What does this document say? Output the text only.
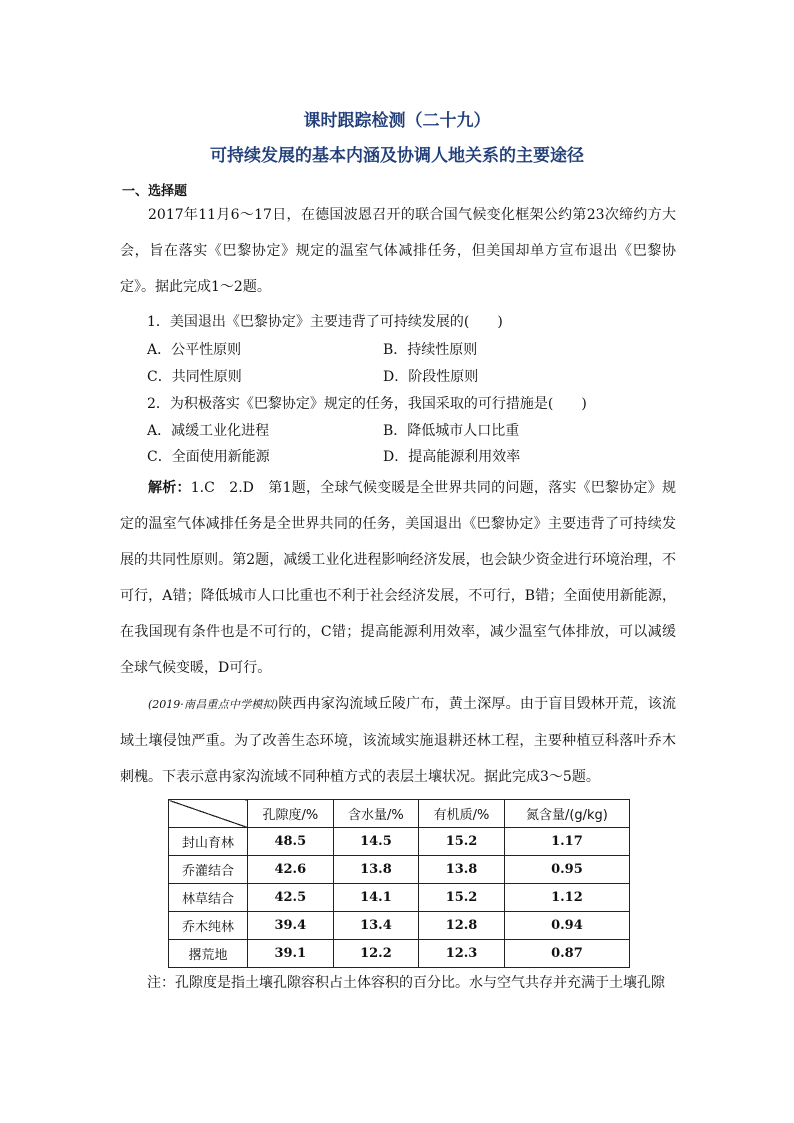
课时跟踪检测（二十九）
可持续发展的基本内涵及协调人地关系的主要途径
一、选择题
2017年11月6～17日，在德国波恩召开的联合国气候变化框架公约第23次缔约方大会，旨在落实《巴黎协定》规定的温室气体减排任务，但美国却单方宣布退出《巴黎协定》。据此完成1～2题。
1．美国退出《巴黎协定》主要违背了可持续发展的(　　)
A．公平性原则	B．持续性原则
C．共同性原则	D．阶段性原则
2．为积极落实《巴黎协定》规定的任务，我国采取的可行措施是(　　)
A．减缓工业化进程	B．降低城市人口比重
C．全面使用新能源	D．提高能源利用效率
解析：1.C　2.D　第1题，全球气候变暖是全世界共同的问题，落实《巴黎协定》规定的温室气体减排任务是全世界共同的任务，美国退出《巴黎协定》主要违背了可持续发展的共同性原则。第2题，减缓工业化进程影响经济发展，也会缺少资金进行环境治理，不可行，A错；降低城市人口比重也不利于社会经济发展，不可行，B错；全面使用新能源，在我国现有条件也是不可行的，C错；提高能源利用效率，减少温室气体排放，可以减缓全球气候变暖，D可行。
(2019·南昌重点中学模拟)陕西冉家沟流域丘陵广布，黄土深厚。由于盲目毁林开荒，该流域土壤侵蚀严重。为了改善生态环境，该流域实施退耕还林工程，主要种植豆科落叶乔木刺槐。下表示意冉家沟流域不同种植方式的表层土壤状况。据此完成3～5题。
	孔隙度/%	含水量/%	有机质/%	氮含量/(g/kg)
封山育林	48.5	14.5	15.2	1.17
乔灌结合	42.6	13.8	13.8	0.95
林草结合	42.5	14.1	15.2	1.12
乔木纯林	39.4	13.4	12.8	0.94
撂荒地	39.1	12.2	12.3	0.87
注：孔隙度是指土壤孔隙容积占土体容积的百分比。水与空气共存并充满于土壤孔隙
